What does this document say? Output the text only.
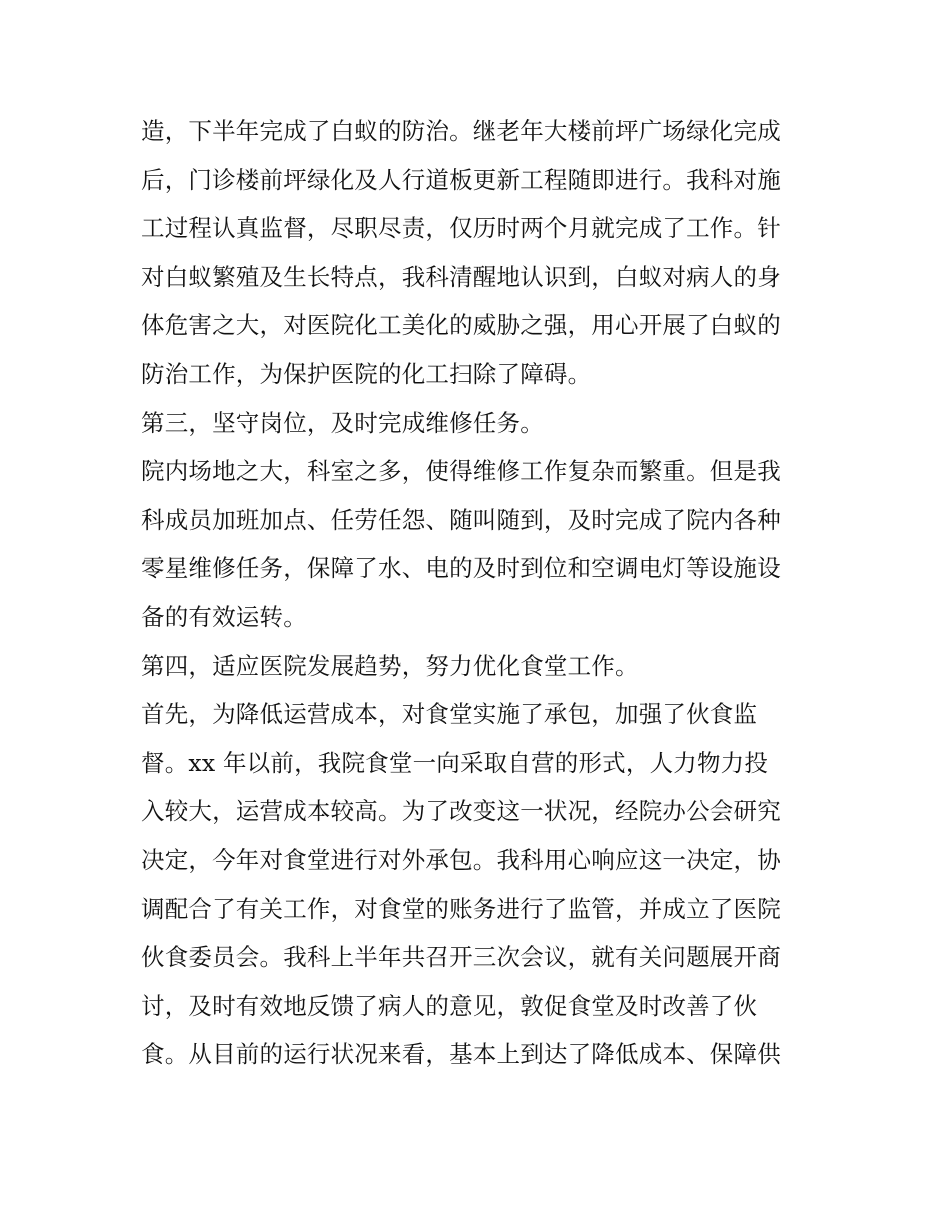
造，下半年完成了白蚁的防治。继老年大楼前坪广场绿化完成
后，门诊楼前坪绿化及人行道板更新工程随即进行。我科对施
工过程认真监督，尽职尽责，仅历时两个月就完成了工作。针
对白蚁繁殖及生长特点，我科清醒地认识到，白蚁对病人的身
体危害之大，对医院化工美化的威胁之强，用心开展了白蚁的
防治工作，为保护医院的化工扫除了障碍。
第三，坚守岗位，及时完成维修任务。
院内场地之大，科室之多，使得维修工作复杂而繁重。但是我
科成员加班加点、任劳任怨、随叫随到，及时完成了院内各种
零星维修任务，保障了水、电的及时到位和空调电灯等设施设
备的有效运转。
第四，适应医院发展趋势，努力优化食堂工作。
首先，为降低运营成本，对食堂实施了承包，加强了伙食监
督。xx 年以前，我院食堂一向采取自营的形式，人力物力投
入较大，运营成本较高。为了改变这一状况，经院办公会研究
决定，今年对食堂进行对外承包。我科用心响应这一决定，协
调配合了有关工作，对食堂的账务进行了监管，并成立了医院
伙食委员会。我科上半年共召开三次会议，就有关问题展开商
讨，及时有效地反馈了病人的意见，敦促食堂及时改善了伙
食。从目前的运行状况来看，基本上到达了降低成本、保障供
